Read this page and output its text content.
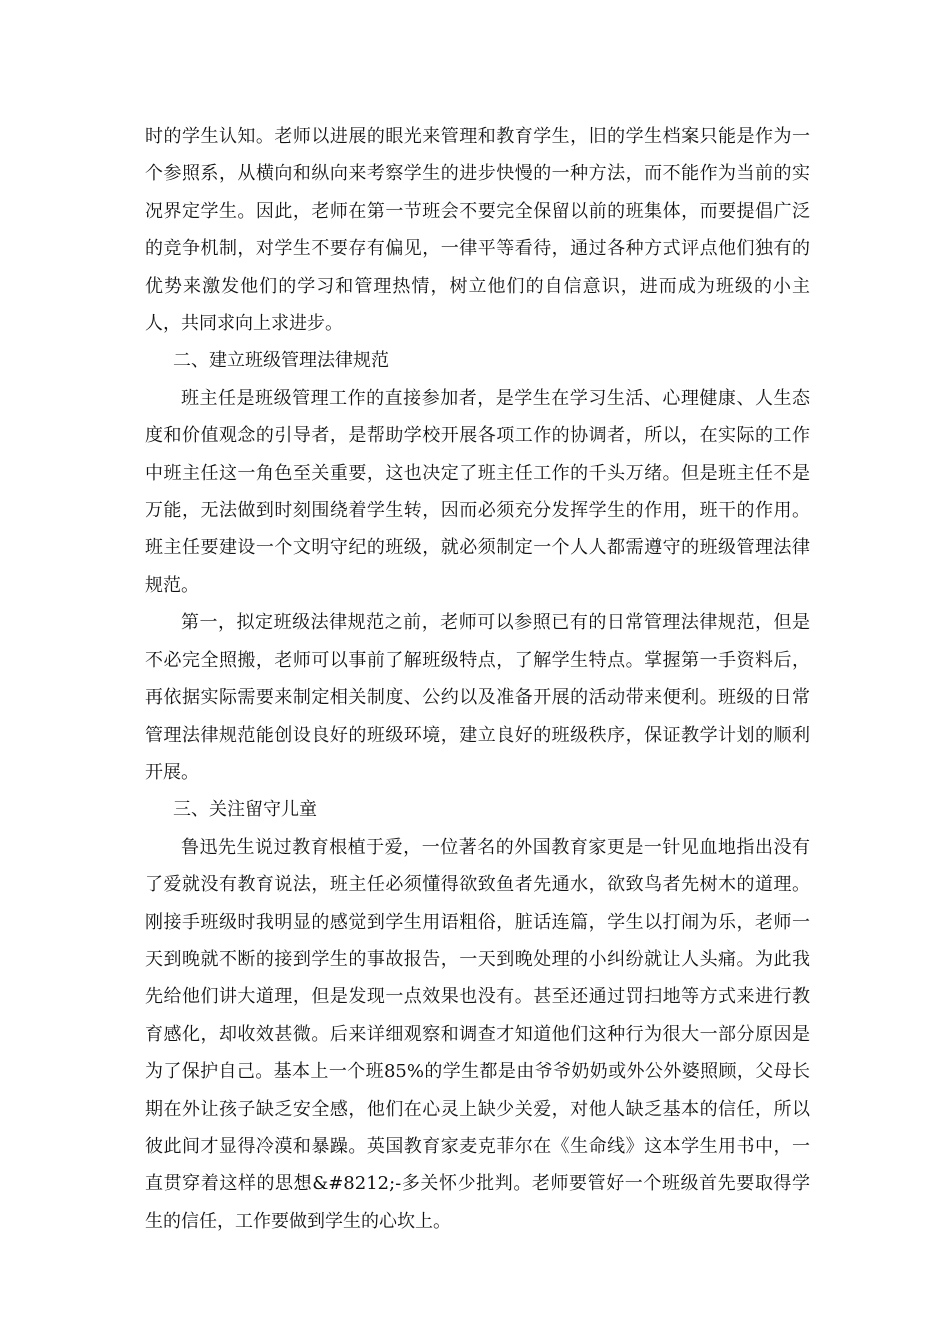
时的学生认知。老师以进展的眼光来管理和教育学生，旧的学生档案只能是作为一个参照系，从横向和纵向来考察学生的进步快慢的一种方法，而不能作为当前的实况界定学生。因此，老师在第一节班会不要完全保留以前的班集体，而要提倡广泛的竞争机制，对学生不要存有偏见，一律平等看待，通过各种方式评点他们独有的优势来激发他们的学习和管理热情，树立他们的自信意识，进而成为班级的小主人，共同求向上求进步。

二、建立班级管理法律规范

班主任是班级管理工作的直接参加者，是学生在学习生活、心理健康、人生态度和价值观念的引导者，是帮助学校开展各项工作的协调者，所以，在实际的工作中班主任这一角色至关重要，这也决定了班主任工作的千头万绪。但是班主任不是万能，无法做到时刻围绕着学生转，因而必须充分发挥学生的作用，班干的作用。班主任要建设一个文明守纪的班级，就必须制定一个人人都需遵守的班级管理法律规范。

第一，拟定班级法律规范之前，老师可以参照已有的日常管理法律规范，但是不必完全照搬，老师可以事前了解班级特点，了解学生特点。掌握第一手资料后，再依据实际需要来制定相关制度、公约以及准备开展的活动带来便利。班级的日常管理法律规范能创设良好的班级环境，建立良好的班级秩序，保证教学计划的顺利开展。

三、关注留守儿童

鲁迅先生说过教育根植于爱，一位著名的外国教育家更是一针见血地指出没有了爱就没有教育说法，班主任必须懂得欲致鱼者先通水，欲致鸟者先树木的道理。刚接手班级时我明显的感觉到学生用语粗俗，脏话连篇，学生以打闹为乐，老师一天到晚就不断的接到学生的事故报告，一天到晚处理的小纠纷就让人头痛。为此我先给他们讲大道理，但是发现一点效果也没有。甚至还通过罚扫地等方式来进行教育感化，却收效甚微。后来详细观察和调查才知道他们这种行为很大一部分原因是为了保护自己。基本上一个班85%的学生都是由爷爷奶奶或外公外婆照顾，父母长期在外让孩子缺乏安全感，他们在心灵上缺少关爱，对他人缺乏基本的信任，所以彼此间才显得冷漠和暴躁。英国教育家麦克菲尔在《生命线》这本学生用书中，一直贯穿着这样的思想&#8212;-多关怀少批判。老师要管好一个班级首先要取得学生的信任，工作要做到学生的心坎上。
